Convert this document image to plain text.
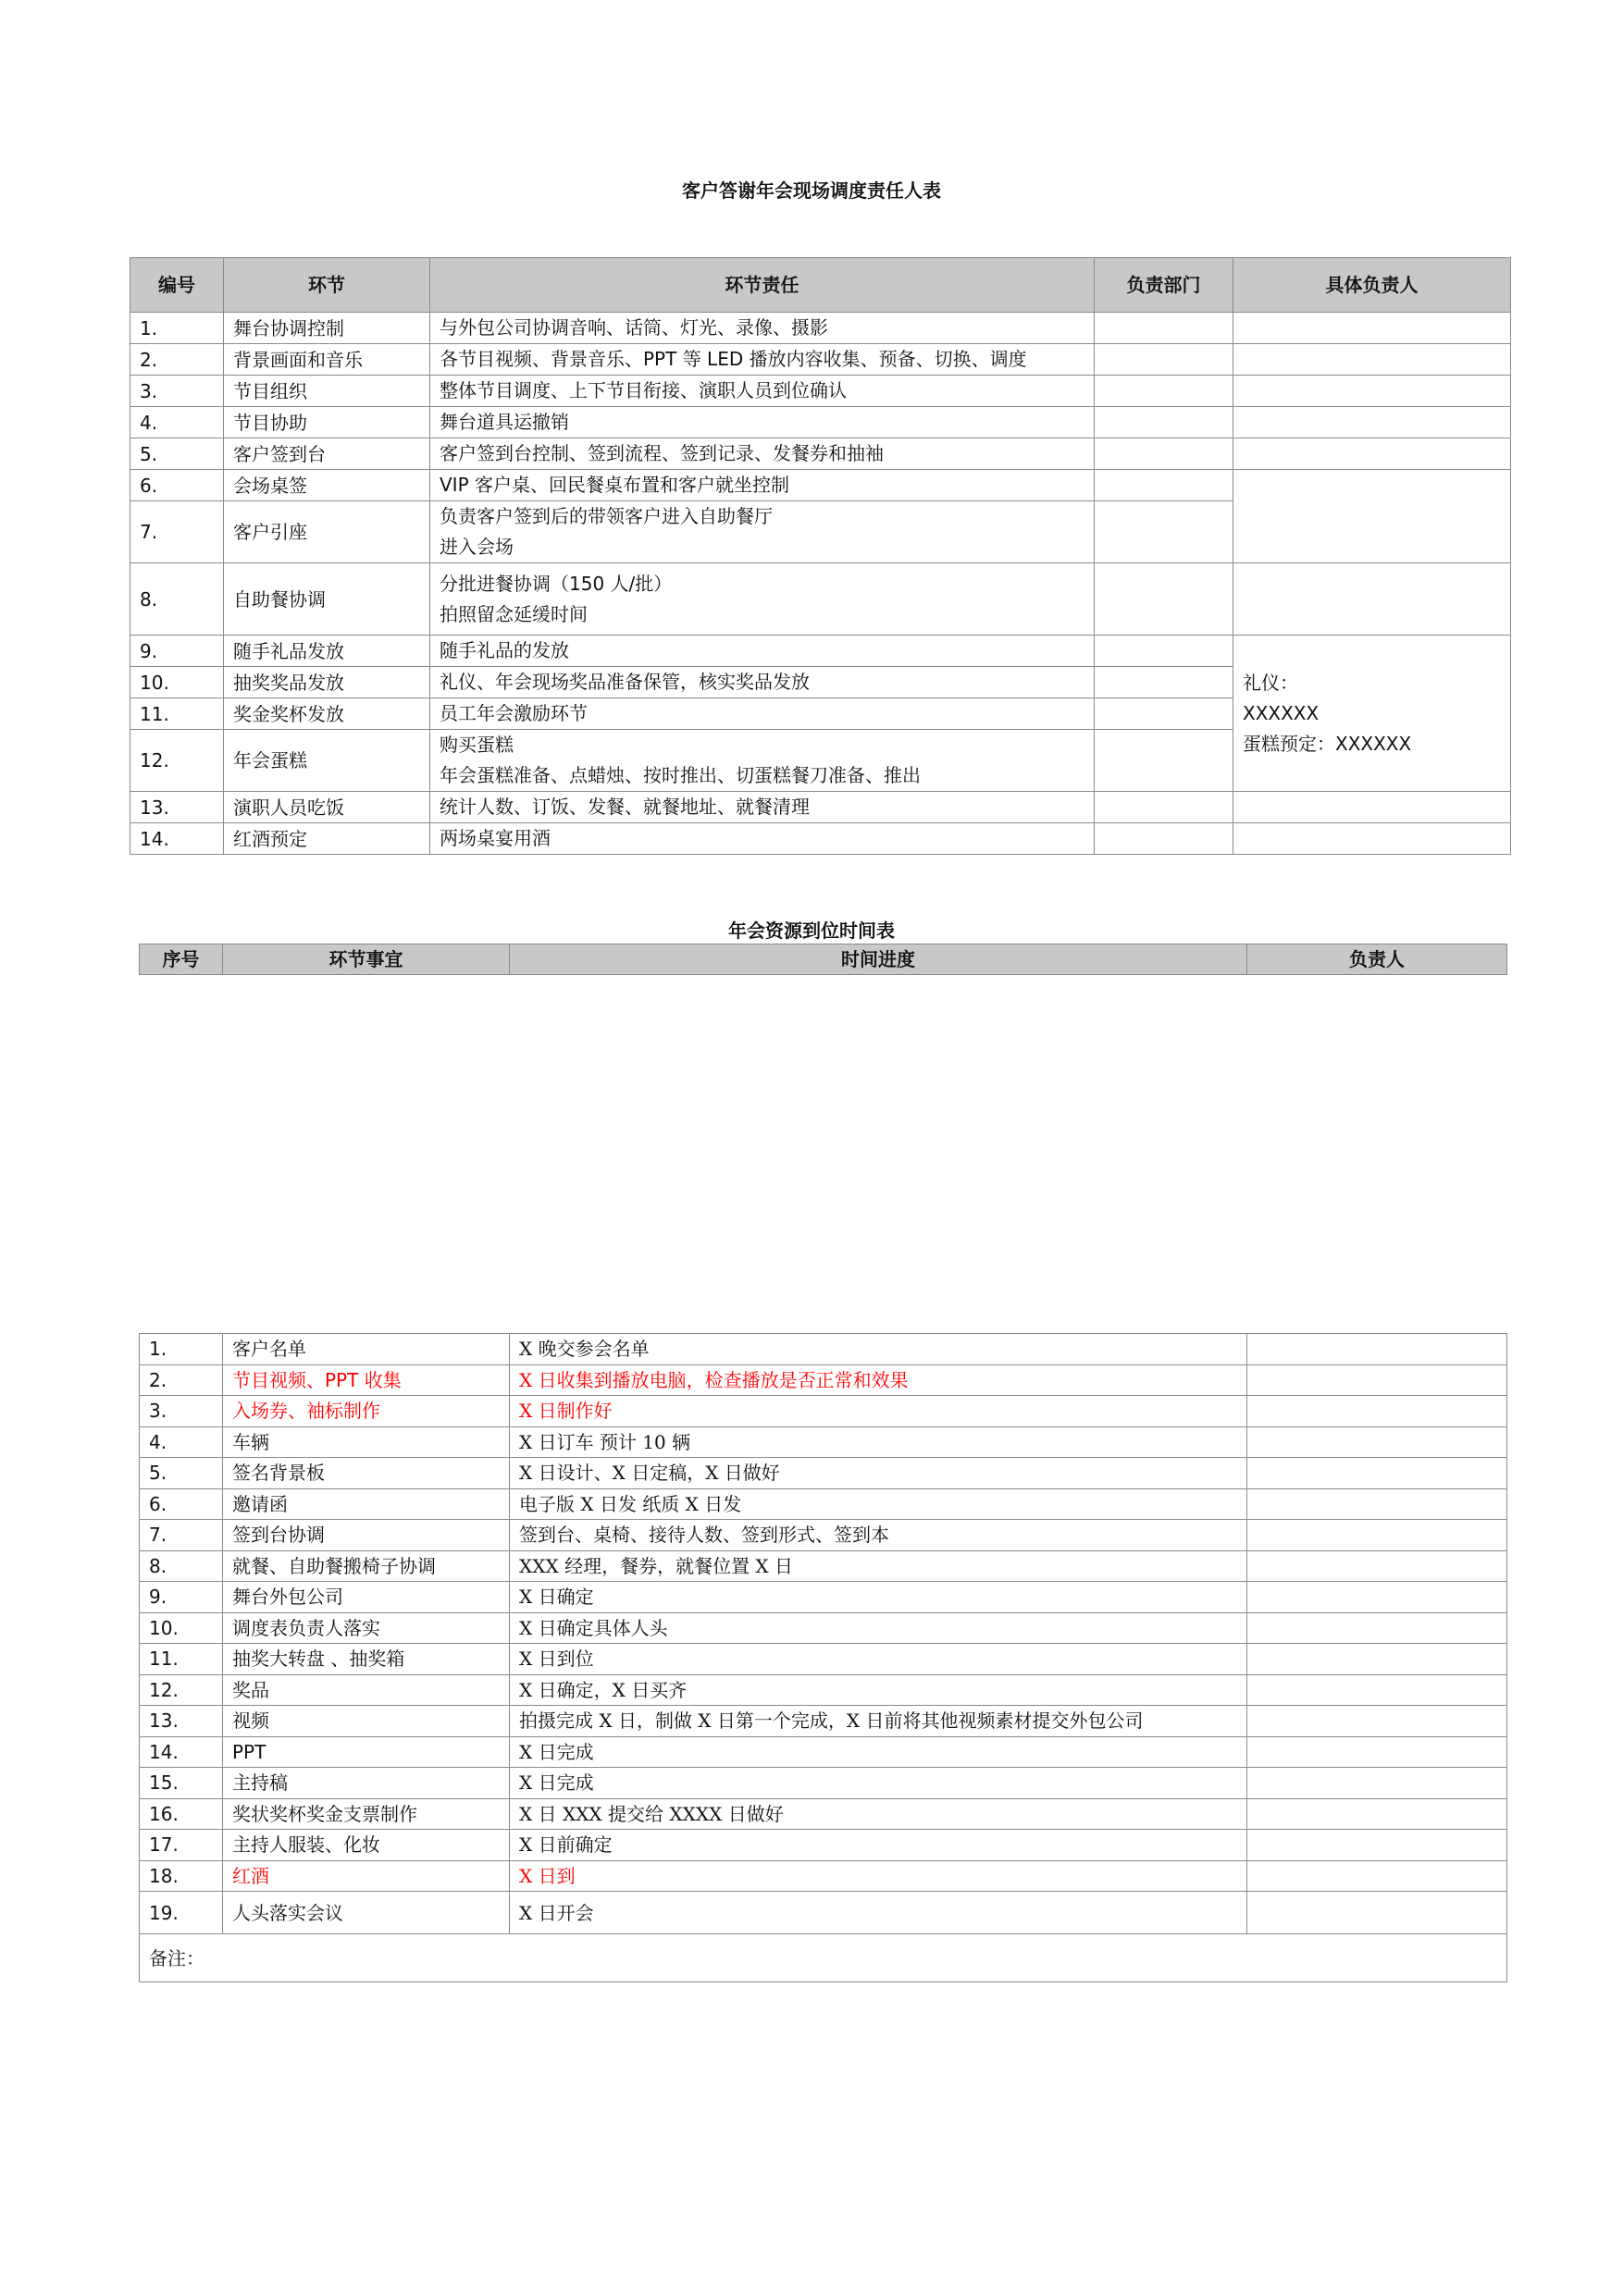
客户答谢年会现场调度责任人表
编号	环节	环节责任	负责部门	具体负责人
1.	舞台协调控制	与外包公司协调音响、话筒、灯光、录像、摄影		

2.	背景画面和音乐	各节目视频、背景音乐、PPT 等 LED 播放内容收集、预备、切换、调度		

3.	节目组织	整体节目调度、上下节目衔接、演职人员到位确认		

4.	节目协助	舞台道具运撤销		

5.	客户签到台	客户签到台控制、签到流程、签到记录、发餐券和抽袖		

6.	会场桌签	VIP 客户桌、回民餐桌布置和客户就坐控制		

7.	客户引座	负责客户签到后的带领客户进入自助餐厅
进入会场		

8.	自助餐协调	分批进餐协调（150 人/批）
拍照留念延缓时间		

9.	随手礼品发放	随手礼品的发放		礼仪：
XXXXXX
蛋糕预定：XXXXXX

10.	抽奖奖品发放	礼仪、年会现场奖品准备保管，核实奖品发放		

11.	奖金奖杯发放	员工年会激励环节		

12.	年会蛋糕	购买蛋糕
年会蛋糕准备、点蜡烛、按时推出、切蛋糕餐刀准备、推出		

13.	演职人员吃饭	统计人数、订饭、发餐、就餐地址、就餐清理		

14.	红酒预定	两场桌宴用酒		

年会资源到位时间表
序号	环节事宜	时间进度	负责人
1.	客户名单	X 晚交参会名单	
2.	节目视频、PPT 收集	X 日收集到播放电脑，检查播放是否正常和效果	
3.	入场券、袖标制作	X 日制作好	
4.	车辆	X 日订车 预计 10 辆	
5.	签名背景板	X 日设计、X 日定稿，X 日做好	
6.	邀请函	电子版 X 日发 纸质 X 日发	
7.	签到台协调	签到台、桌椅、接待人数、签到形式、签到本	
8.	就餐、自助餐搬椅子协调	XXX 经理，餐券，就餐位置 X 日	
9.	舞台外包公司	X 日确定	
10.	调度表负责人落实	X 日确定具体人头	
11.	抽奖大转盘 、抽奖箱	X 日到位	
12.	奖品	X 日确定，X 日买齐	
13.	视频	拍摄完成 X 日，制做 X 日第一个完成，X 日前将其他视频素材提交外包公司	
14.	PPT	X 日完成	
15.	主持稿	X 日完成	
16.	奖状奖杯奖金支票制作	X 日 XXX 提交给 XXXX 日做好	
17.	主持人服装、化妆	X 日前确定	
18.	红酒	X 日到	
19.	人头落实会议	X 日开会	
备注：			
